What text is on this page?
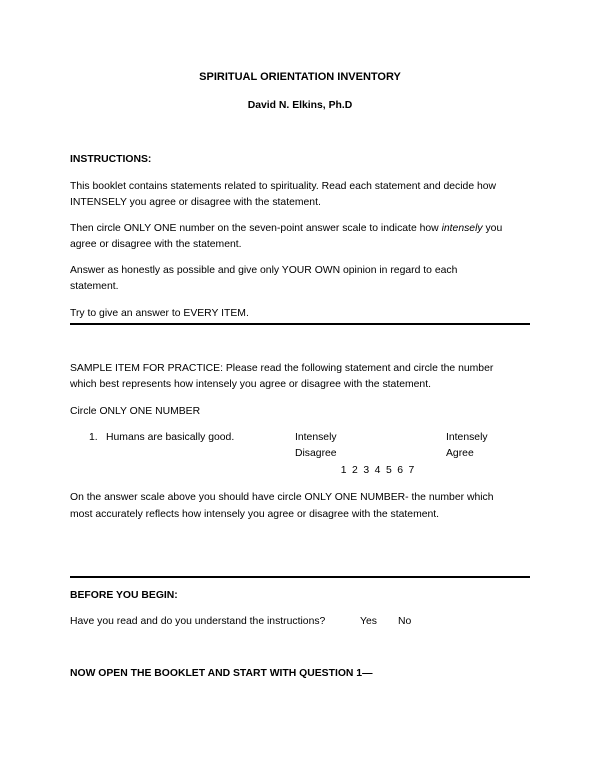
SPIRITUAL ORIENTATION INVENTORY
David N. Elkins, Ph.D
INSTRUCTIONS:
This booklet contains statements related to spirituality. Read each statement and decide how
INTENSELY you agree or disagree with the statement.
Then circle ONLY ONE number on the seven-point answer scale to indicate how intensely you
agree or disagree with the statement.
Answer as honestly as possible and give only YOUR OWN opinion in regard to each
statement.
Try to give an answer to EVERY ITEM.
SAMPLE ITEM FOR PRACTICE: Please read the following statement and circle the number
which best represents how intensely you agree or disagree with the statement.
Circle ONLY ONE NUMBER
1. Humans are basically good.	Intensely
Disagree
Intensely
Agree
1 2 3 4 5 6 7
On the answer scale above you should have circle ONLY ONE NUMBER- the number which
most accurately reflects how intensely you agree or disagree with the statement.
BEFORE YOU BEGIN:
Have you read and do you understand the instructions?	Yes No
NOW OPEN THE BOOKLET AND START WITH QUESTION 1—
